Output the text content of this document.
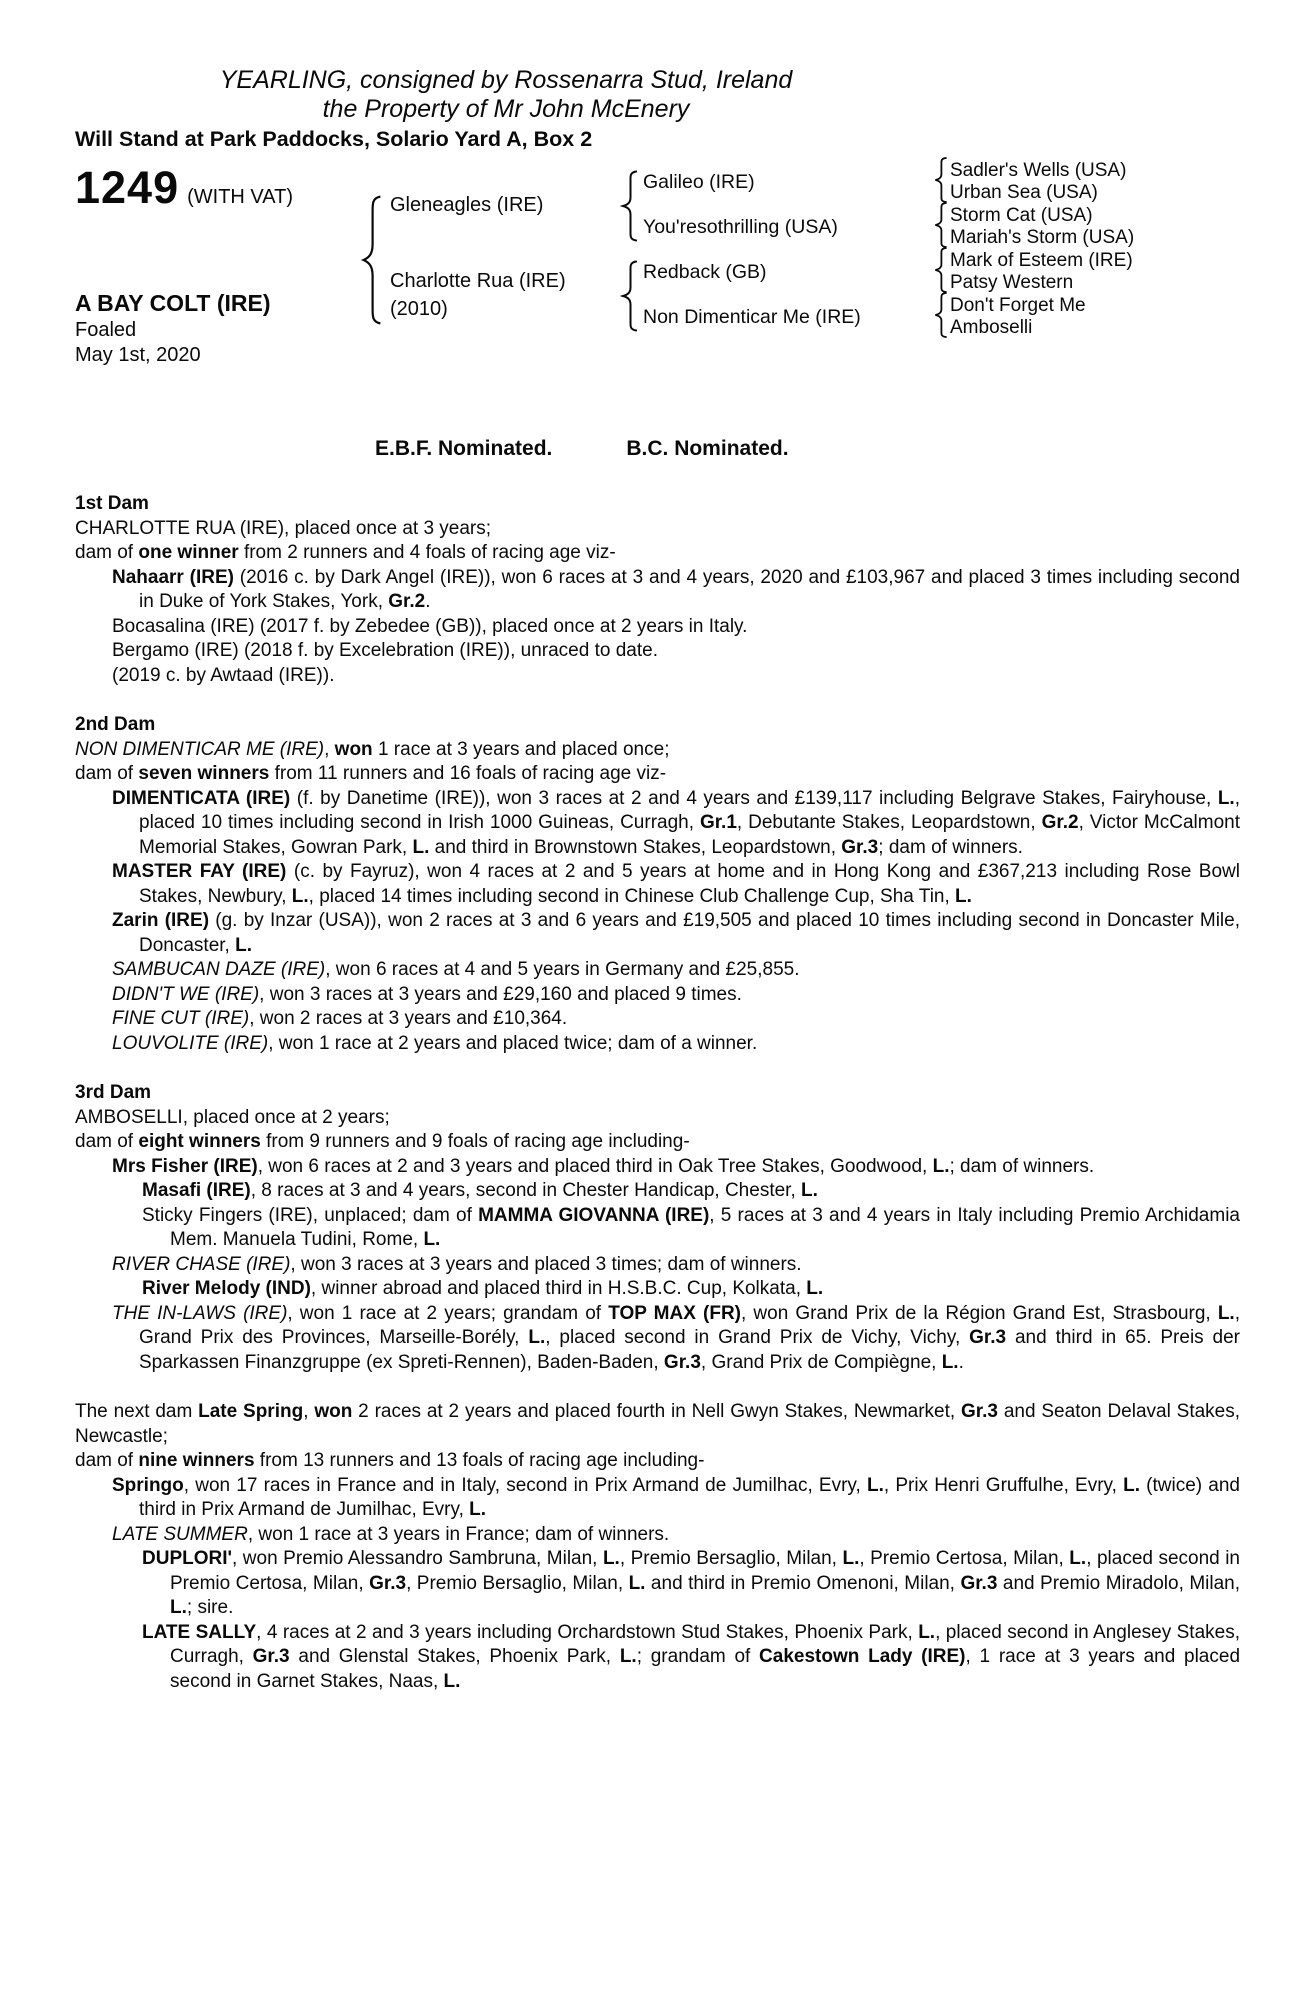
YEARLING, consigned by Rossenarra Stud, Ireland
the Property of Mr John McEnery
Will Stand at Park Paddocks, Solario Yard A, Box 2
1249 (WITH VAT)
A BAY COLT (IRE)
Foaled
May 1st, 2020
Gleneagles (IRE)
Charlotte Rua (IRE)
(2010)
Galileo (IRE)
You'resothrilling (USA)
Redback (GB)
Non Dimenticar Me (IRE)
Sadler's Wells (USA)
Urban Sea (USA)
Storm Cat (USA)
Mariah's Storm (USA)
Mark of Esteem (IRE)
Patsy Western
Don't Forget Me
Amboselli
E.B.F. Nominated.	B.C. Nominated.
1st Dam

CHARLOTTE RUA (IRE), placed once at 3 years;

dam of one winner from 2 runners and 4 foals of racing age viz-

Nahaarr (IRE) (2016 c. by Dark Angel (IRE)), won 6 races at 3 and 4 years, 2020 and £103,967 and placed 3 times including second in Duke of York Stakes, York, Gr.2.

Bocasalina (IRE) (2017 f. by Zebedee (GB)), placed once at 2 years in Italy.

Bergamo (IRE) (2018 f. by Excelebration (IRE)), unraced to date.

(2019 c. by Awtaad (IRE)).

2nd Dam

NON DIMENTICAR ME (IRE), won 1 race at 3 years and placed once;

dam of seven winners from 11 runners and 16 foals of racing age viz-

DIMENTICATA (IRE) (f. by Danetime (IRE)), won 3 races at 2 and 4 years and £139,117 including Belgrave Stakes, Fairyhouse, L., placed 10 times including second in Irish 1000 Guineas, Curragh, Gr.1, Debutante Stakes, Leopardstown, Gr.2, Victor McCalmont Memorial Stakes, Gowran Park, L. and third in Brownstown Stakes, Leopardstown, Gr.3; dam of winners.

MASTER FAY (IRE) (c. by Fayruz), won 4 races at 2 and 5 years at home and in Hong Kong and £367,213 including Rose Bowl Stakes, Newbury, L., placed 14 times including second in Chinese Club Challenge Cup, Sha Tin, L.

Zarin (IRE) (g. by Inzar (USA)), won 2 races at 3 and 6 years and £19,505 and placed 10 times including second in Doncaster Mile, Doncaster, L.

SAMBUCAN DAZE (IRE), won 6 races at 4 and 5 years in Germany and £25,855.

DIDN'T WE (IRE), won 3 races at 3 years and £29,160 and placed 9 times.

FINE CUT (IRE), won 2 races at 3 years and £10,364.

LOUVOLITE (IRE), won 1 race at 2 years and placed twice; dam of a winner.

3rd Dam

AMBOSELLI, placed once at 2 years;

dam of eight winners from 9 runners and 9 foals of racing age including-

Mrs Fisher (IRE), won 6 races at 2 and 3 years and placed third in Oak Tree Stakes, Goodwood, L.; dam of winners.

Masafi (IRE), 8 races at 3 and 4 years, second in Chester Handicap, Chester, L.

Sticky Fingers (IRE), unplaced; dam of MAMMA GIOVANNA (IRE), 5 races at 3 and 4 years in Italy including Premio Archidamia Mem. Manuela Tudini, Rome, L.

RIVER CHASE (IRE), won 3 races at 3 years and placed 3 times; dam of winners.

River Melody (IND), winner abroad and placed third in H.S.B.C. Cup, Kolkata, L.

THE IN-LAWS (IRE), won 1 race at 2 years; grandam of TOP MAX (FR), won Grand Prix de la Région Grand Est, Strasbourg, L., Grand Prix des Provinces, Marseille-Borély, L., placed second in Grand Prix de Vichy, Vichy, Gr.3 and third in 65. Preis der Sparkassen Finanzgruppe (ex Spreti-Rennen), Baden-Baden, Gr.3, Grand Prix de Compiègne, L..

The next dam Late Spring, won 2 races at 2 years and placed fourth in Nell Gwyn Stakes, Newmarket, Gr.3 and Seaton Delaval Stakes, Newcastle;

dam of nine winners from 13 runners and 13 foals of racing age including-

Springo, won 17 races in France and in Italy, second in Prix Armand de Jumilhac, Evry, L., Prix Henri Gruffulhe, Evry, L. (twice) and third in Prix Armand de Jumilhac, Evry, L.

LATE SUMMER, won 1 race at 3 years in France; dam of winners.

DUPLORI', won Premio Alessandro Sambruna, Milan, L., Premio Bersaglio, Milan, L., Premio Certosa, Milan, L., placed second in Premio Certosa, Milan, Gr.3, Premio Bersaglio, Milan, L. and third in Premio Omenoni, Milan, Gr.3 and Premio Miradolo, Milan, L.; sire.

LATE SALLY, 4 races at 2 and 3 years including Orchardstown Stud Stakes, Phoenix Park, L., placed second in Anglesey Stakes, Curragh, Gr.3 and Glenstal Stakes, Phoenix Park, L.; grandam of Cakestown Lady (IRE), 1 race at 3 years and placed second in Garnet Stakes, Naas, L.
